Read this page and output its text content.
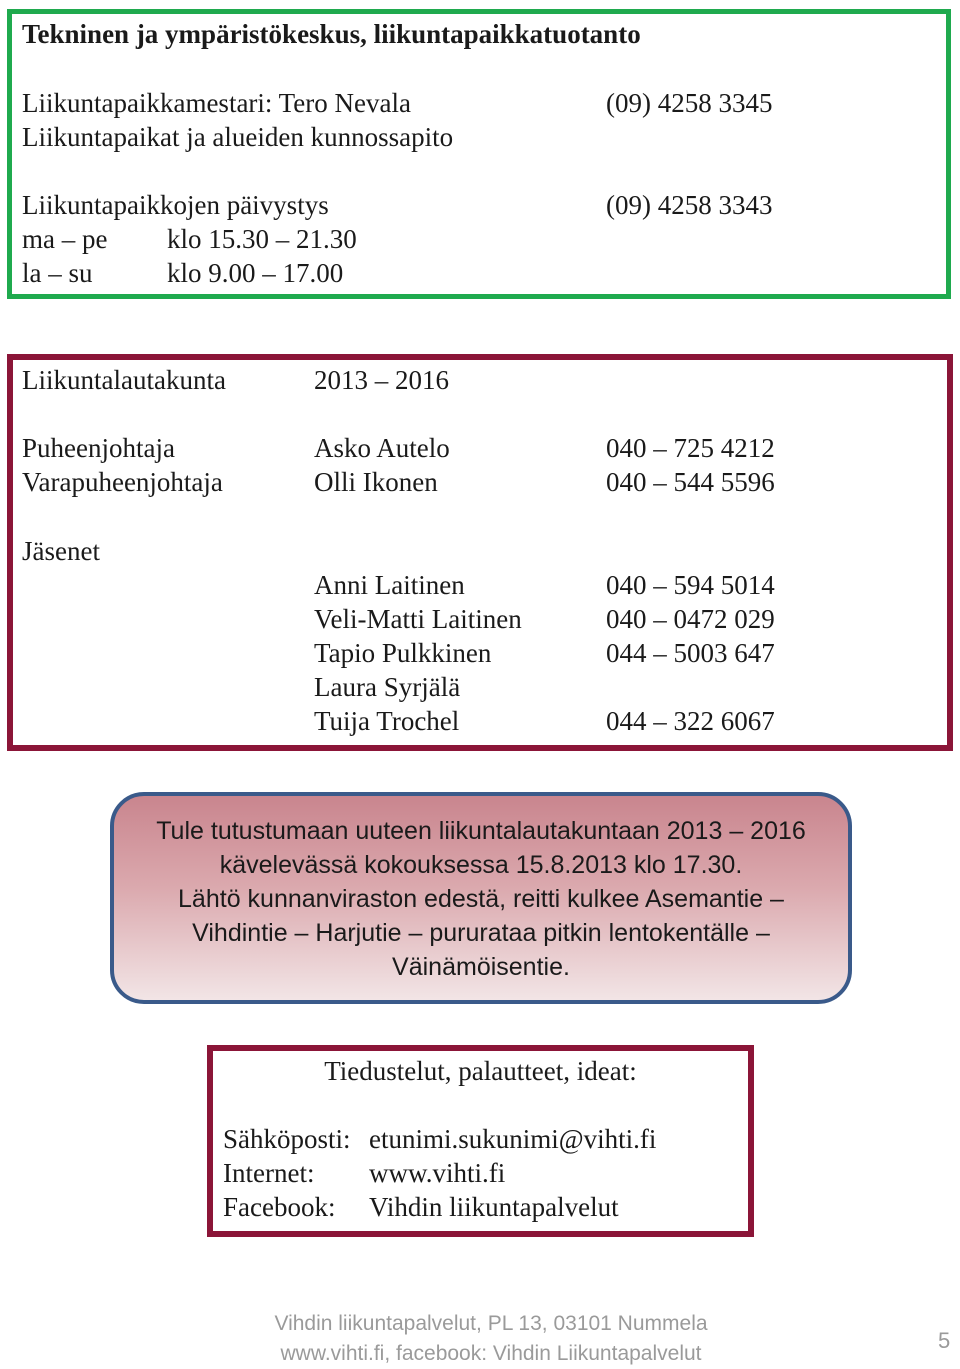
Tekninen ja ympäristökeskus, liikuntapaikkatuotanto
Liikuntapaikkamestari: Tero Nevala	(09) 4258 3345
Liikuntapaikat ja alueiden kunnossapito
Liikuntapaikkojen päivystys	(09) 4258 3343
ma – pe klo 15.30 – 21.30
la – su	klo 9.00 – 17.00
Liikuntalautakunta	2013 – 2016
Puheenjohtaja	Asko Autelo	040 – 725 4212
Varapuheenjohtaja	Olli Ikonen	040 – 544 5596
Jäsenet
Anni Laitinen	040 – 594 5014
Veli-Matti Laitinen	040 – 0472 029
Tapio Pulkkinen	044 – 5003 647
Laura Syrjälä
Tuija Trochel	044 – 322 6067
Tule tutustumaan uuteen liikuntalautakuntaan 2013 – 2016
kävelevässä kokouksessa 15.8.2013 klo 17.30.
Lähtö kunnanviraston edestä, reitti kulkee Asemantie –
Vihdintie – Harjutie – pururataa pitkin lentokentälle –
Väinämöisentie.
Tiedustelut, palautteet, ideat:
Sähköposti: etunimi.sukunimi@vihti.fi
Internet: www.vihti.fi
Facebook: Vihdin liikuntapalvelut
Vihdin liikuntapalvelut, PL 13, 03101 Nummela
www.vihti.fi, facebook: Vihdin Liikuntapalvelut
5
